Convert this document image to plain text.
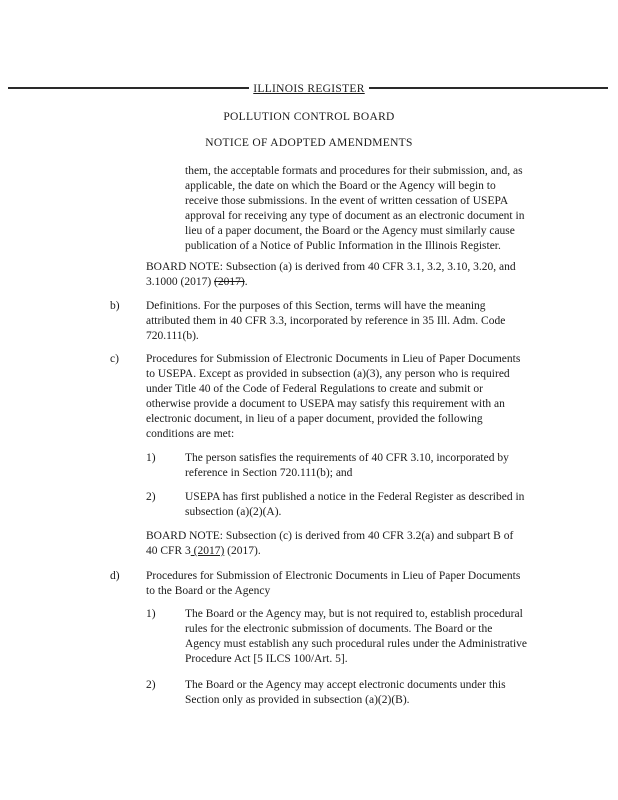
ILLINOIS REGISTER
POLLUTION CONTROL BOARD
NOTICE OF ADOPTED AMENDMENTS
them, the acceptable formats and procedures for their submission, and, as
applicable, the date on which the Board or the Agency will begin to
receive those submissions. In the event of written cessation of USEPA
approval for receiving any type of document as an electronic document in
lieu of a paper document, the Board or the Agency must similarly cause
publication of a Notice of Public Information in the Illinois Register.
BOARD NOTE: Subsection (a) is derived from 40 CFR 3.1, 3.2, 3.10, 3.20, and
3.1000 (2017) (2017).
b) Definitions. For the purposes of this Section, terms will have the meaning
attributed them in 40 CFR 3.3, incorporated by reference in 35 Ill. Adm. Code
720.111(b).
c) Procedures for Submission of Electronic Documents in Lieu of Paper Documents
to USEPA. Except as provided in subsection (a)(3), any person who is required
under Title 40 of the Code of Federal Regulations to create and submit or
otherwise provide a document to USEPA may satisfy this requirement with an
electronic document, in lieu of a paper document, provided the following
conditions are met:
1)	The person satisfies the requirements of 40 CFR 3.10, incorporated by
reference in Section 720.111(b); and
2)	USEPA has first published a notice in the Federal Register as described in
subsection (a)(2)(A).
BOARD NOTE: Subsection (c) is derived from 40 CFR 3.2(a) and subpart B of
40 CFR 3 (2017) (2017).
d) Procedures for Submission of Electronic Documents in Lieu of Paper Documents
to the Board or the Agency
1)	The Board or the Agency may, but is not required to, establish procedural
rules for the electronic submission of documents. The Board or the
Agency must establish any such procedural rules under the Administrative
Procedure Act [5 ILCS 100/Art. 5].
2)	The Board or the Agency may accept electronic documents under this
Section only as provided in subsection (a)(2)(B).
